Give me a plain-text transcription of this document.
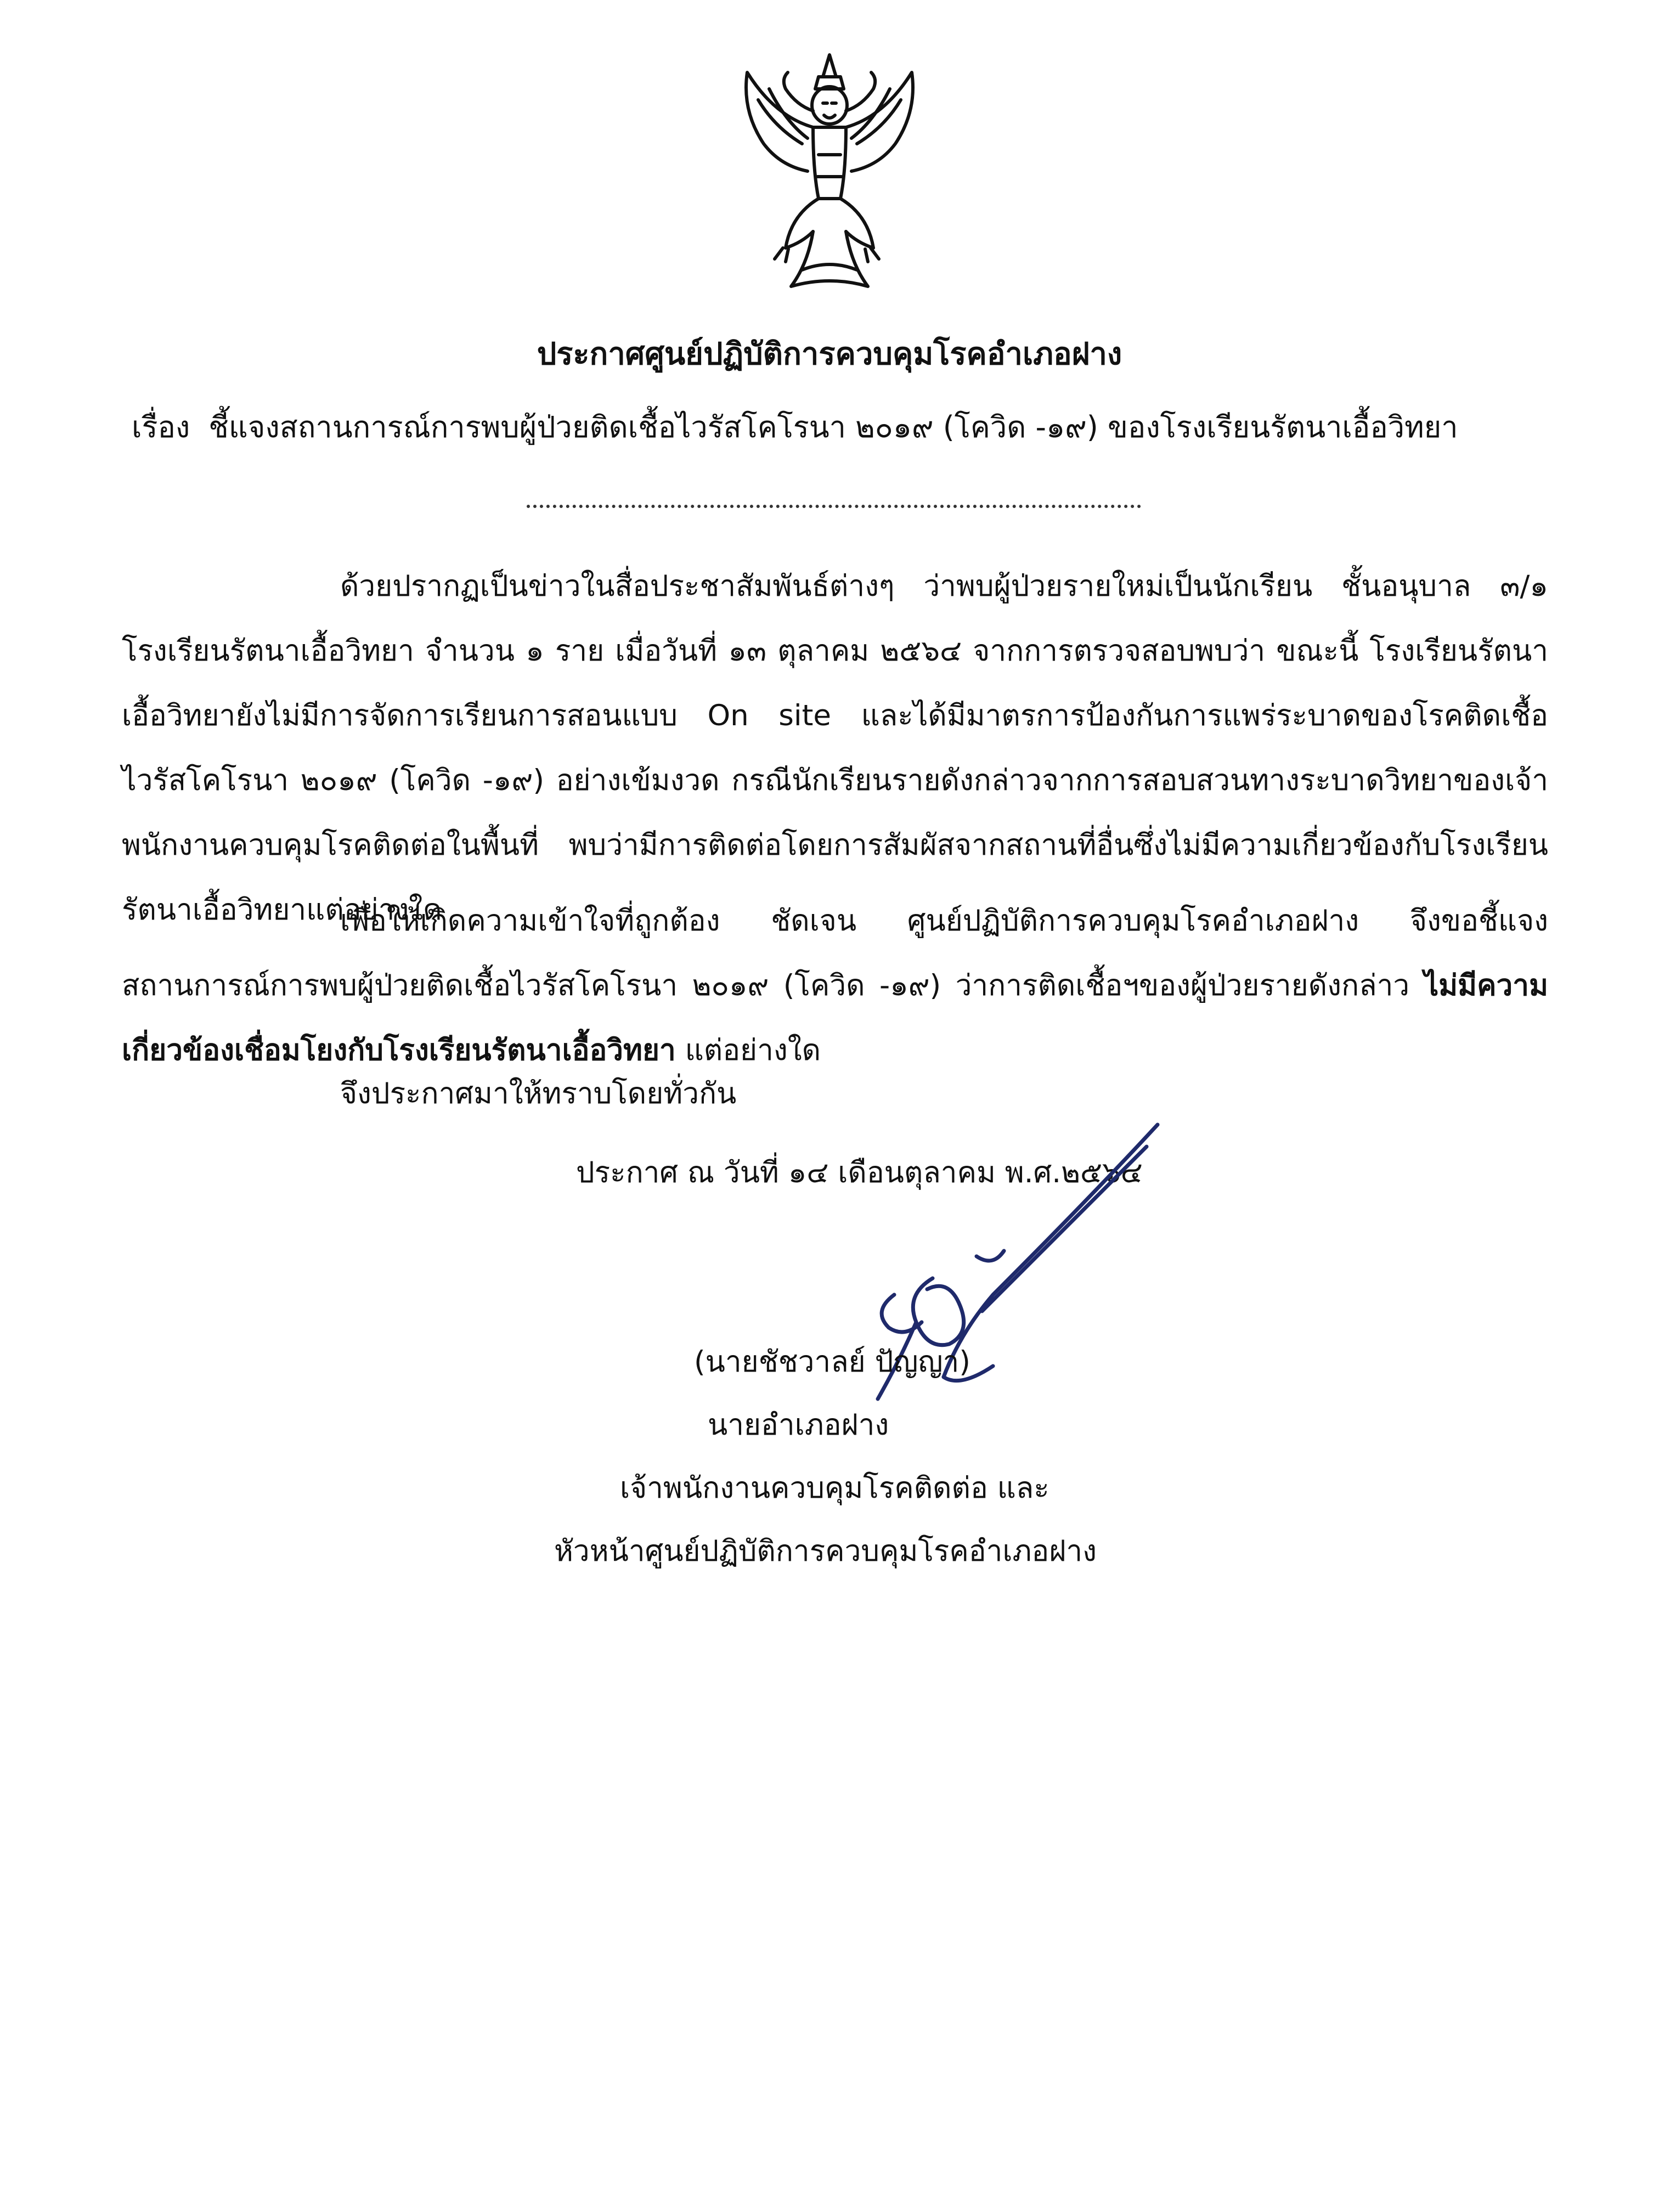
ประกาศศูนย์ปฏิบัติการควบคุมโรคอำเภอฝาง
เรื่อง ชี้แจงสถานการณ์การพบผู้ป่วยติดเชื้อไวรัสโคโรนา ๒๐๑๙ (โควิด -๑๙) ของโรงเรียนรัตนาเอื้อวิทยา
ด้วยปรากฏเป็นข่าวในสื่อประชาสัมพันธ์ต่างๆ ว่าพบผู้ป่วยรายใหม่เป็นนักเรียน ชั้นอนุบาล ๓/๑ โรงเรียนรัตนาเอื้อวิทยา จำนวน ๑ ราย เมื่อวันที่ ๑๓ ตุลาคม ๒๕๖๔ จากการตรวจสอบพบว่า ขณะนี้ โรงเรียนรัตนาเอื้อวิทยายังไม่มีการจัดการเรียนการสอนแบบ On site และได้มีมาตรการป้องกันการแพร่ระบาดของโรคติดเชื้อไวรัสโคโรนา ๒๐๑๙ (โควิด -๑๙) อย่างเข้มงวด กรณีนักเรียนรายดังกล่าวจากการสอบสวนทางระบาดวิทยาของเจ้าพนักงานควบคุมโรคติดต่อในพื้นที่ พบว่ามีการติดต่อโดยการสัมผัสจากสถานที่อื่นซึ่งไม่มีความเกี่ยวข้องกับโรงเรียนรัตนาเอื้อวิทยาแต่อย่างใด
เพื่อให้เกิดความเข้าใจที่ถูกต้อง ชัดเจน ศูนย์ปฏิบัติการควบคุมโรคอำเภอฝาง จึงขอชี้แจงสถานการณ์การพบผู้ป่วยติดเชื้อไวรัสโคโรนา ๒๐๑๙ (โควิด -๑๙) ว่าการติดเชื้อฯของผู้ป่วยรายดังกล่าว ไม่มีความเกี่ยวข้องเชื่อมโยงกับโรงเรียนรัตนาเอื้อวิทยา แต่อย่างใด
จึงประกาศมาให้ทราบโดยทั่วกัน
ประกาศ ณ วันที่ ๑๔ เดือนตุลาคม พ.ศ.๒๕๖๔
(นายชัชวาลย์ ปัญญา)
นายอำเภอฝาง
เจ้าพนักงานควบคุมโรคติดต่อ และ
หัวหน้าศูนย์ปฏิบัติการควบคุมโรคอำเภอฝาง
